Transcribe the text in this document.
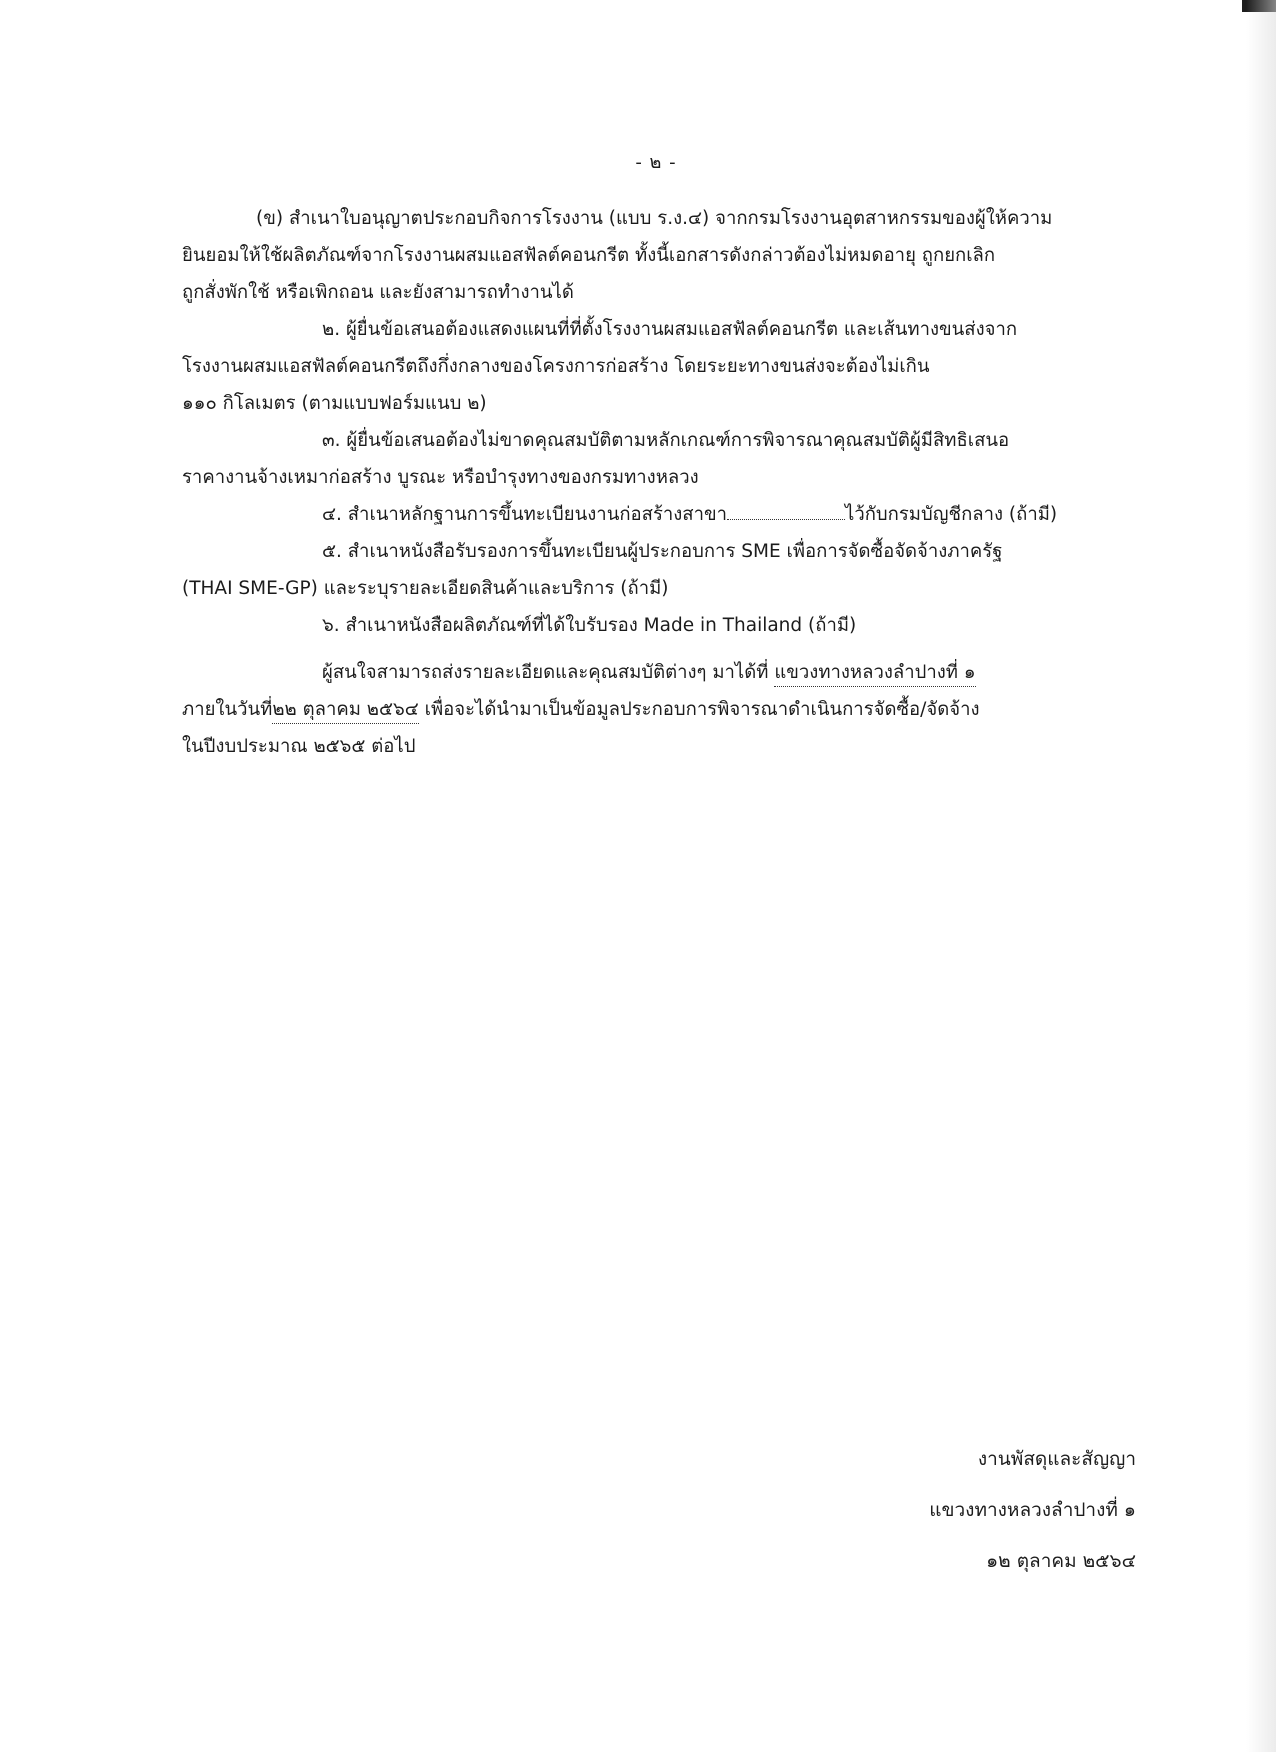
- ๒ -

(ข) สำเนาใบอนุญาตประกอบกิจการโรงงาน (แบบ ร.ง.๔) จากกรมโรงงานอุตสาหกรรมของผู้ให้ความ
ยินยอมให้ใช้ผลิตภัณฑ์จากโรงงานผสมแอสฟัลต์คอนกรีต ทั้งนี้เอกสารดังกล่าวต้องไม่หมดอายุ ถูกยกเลิก
ถูกสั่งพักใช้ หรือเพิกถอน และยังสามารถทำงานได้

๒. ผู้ยื่นข้อเสนอต้องแสดงแผนที่ที่ตั้งโรงงานผสมแอสฟัลต์คอนกรีต และเส้นทางขนส่งจาก
โรงงานผสมแอสฟัลต์คอนกรีตถึงกึ่งกลางของโครงการก่อสร้าง โดยระยะทางขนส่งจะต้องไม่เกิน
๑๑๐ กิโลเมตร (ตามแบบฟอร์มแนบ ๒)

๓. ผู้ยื่นข้อเสนอต้องไม่ขาดคุณสมบัติตามหลักเกณฑ์การพิจารณาคุณสมบัติผู้มีสิทธิเสนอ
ราคางานจ้างเหมาก่อสร้าง บูรณะ หรือบำรุงทางของกรมทางหลวง

๔. สำเนาหลักฐานการขึ้นทะเบียนงานก่อสร้างสาขา	ไว้กับกรมบัญชีกลาง (ถ้ามี)

๕. สำเนาหนังสือรับรองการขึ้นทะเบียนผู้ประกอบการ SME เพื่อการจัดซื้อจัดจ้างภาครัฐ
(THAI SME-GP) และระบุรายละเอียดสินค้าและบริการ (ถ้ามี)

๖. สำเนาหนังสือผลิตภัณฑ์ที่ได้ใบรับรอง Made in Thailand (ถ้ามี)

ผู้สนใจสามารถส่งรายละเอียดและคุณสมบัติต่างๆ มาได้ที่ แขวงทางหลวงลำปางที่ ๑
ภายในวันที่๒๒ ตุลาคม ๒๕๖๔ เพื่อจะได้นำมาเป็นข้อมูลประกอบการพิจารณาดำเนินการจัดซื้อ/จัดจ้าง
ในปีงบประมาณ ๒๕๖๕ ต่อไป

งานพัสดุและสัญญา
แขวงทางหลวงลำปางที่ ๑
๑๒ ตุลาคม ๒๕๖๔
